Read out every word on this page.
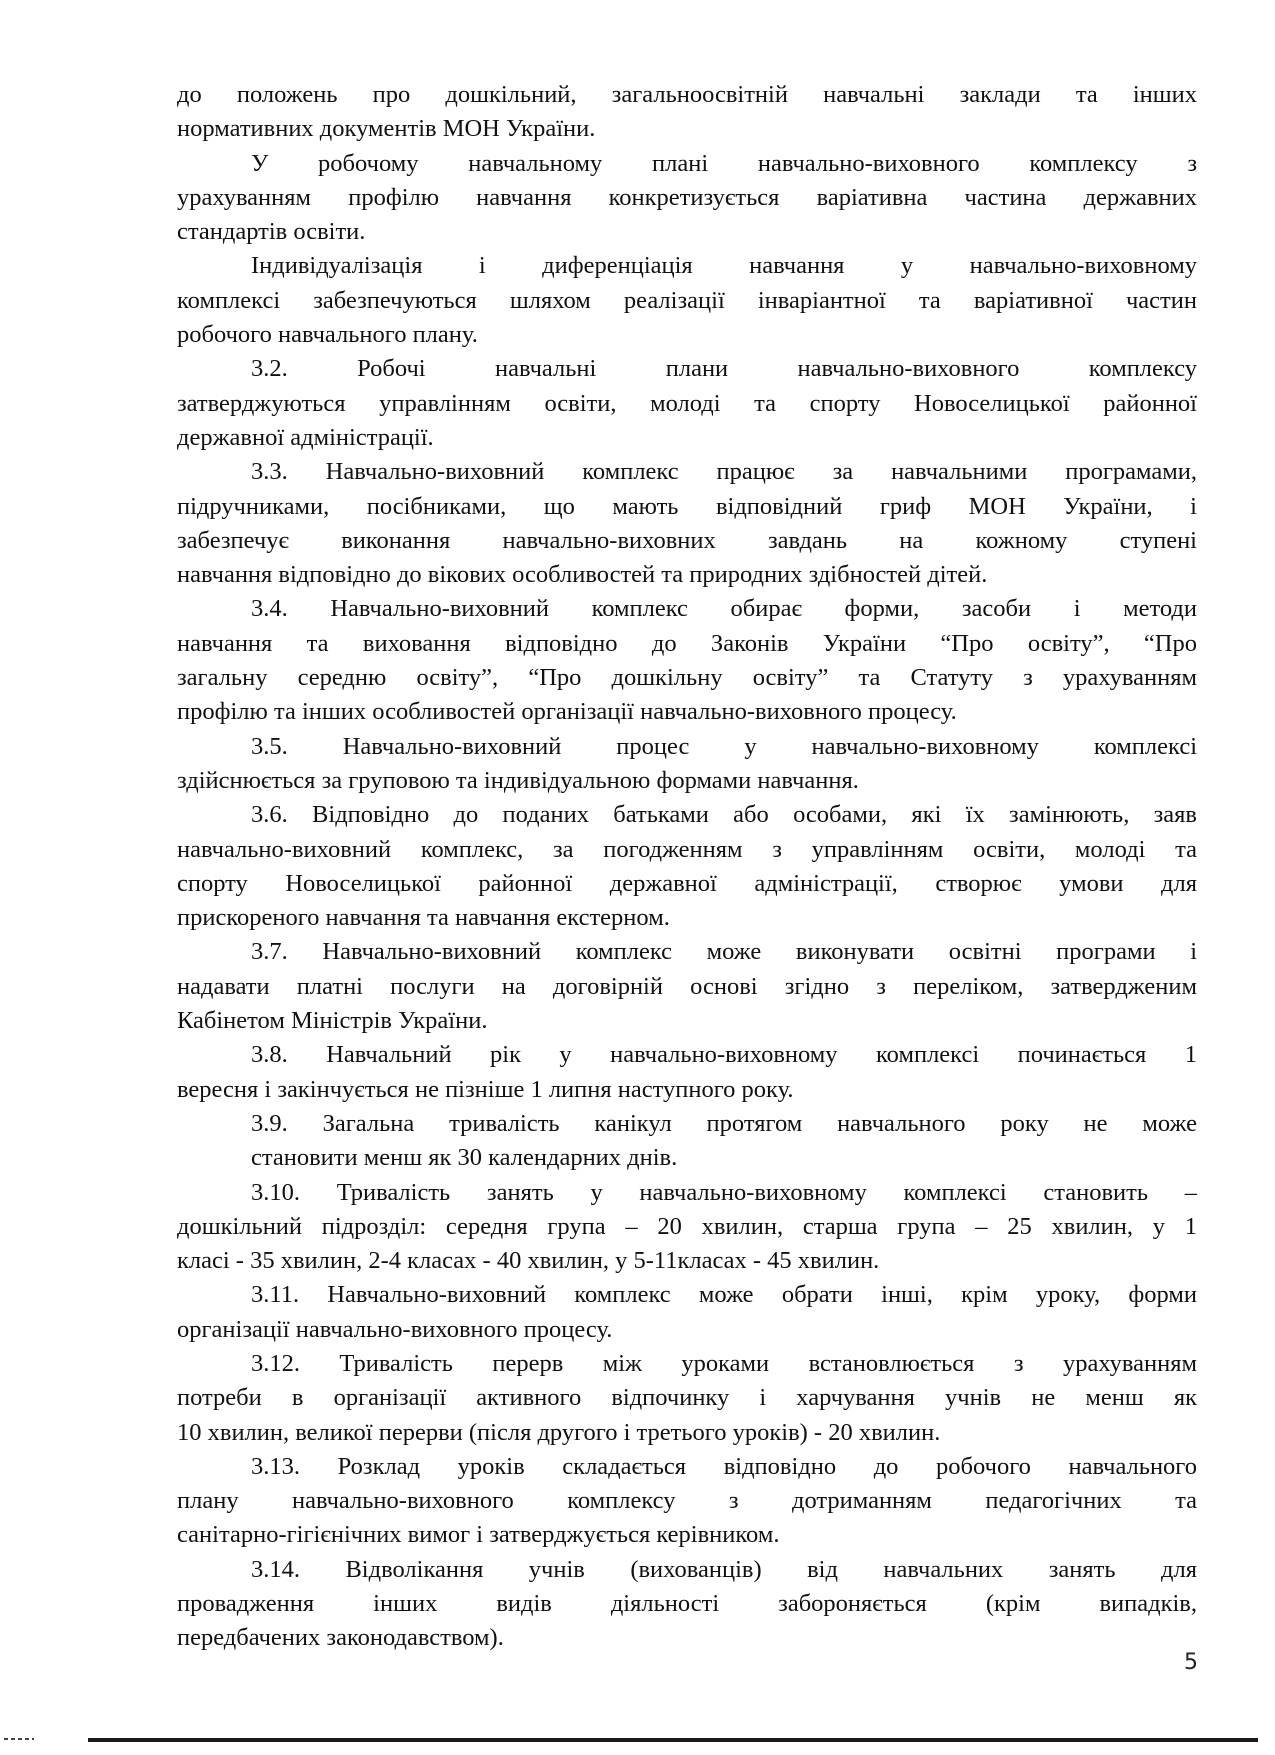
до положень про дошкільний, загальноосвітній навчальні заклади та інших
нормативних документів МОН України.
У робочому навчальному плані навчально-виховного комплексу з
урахуванням профілю навчання конкретизується варіативна частина державних
стандартів освіти.
Індивідуалізація і диференціація навчання у навчально-виховному
комплексі забезпечуються шляхом реалізації інваріантної та варіативної частин
робочого навчального плану.
3.2. Робочі навчальні плани навчально-виховного комплексу
затверджуються управлінням освіти, молоді та спорту Новоселицької районної
державної адміністрації.
3.3. Навчально-виховний комплекс працює за навчальними програмами,
підручниками, посібниками, що мають відповідний гриф МОН України, і
забезпечує виконання навчально-виховних завдань на кожному ступені
навчання відповідно до вікових особливостей та природних здібностей дітей.
3.4. Навчально-виховний комплекс обирає форми, засоби і методи
навчання та виховання відповідно до Законів України “Про освіту”, “Про
загальну середню освіту”, “Про дошкільну освіту” та Статуту з урахуванням
профілю та інших особливостей організації навчально-виховного процесу.
3.5. Навчально-виховний процес у навчально-виховному комплексі
здійснюється за груповою та індивідуальною формами навчання.
3.6. Відповідно до поданих батьками або особами, які їх замінюють, заяв
навчально-виховний комплекс, за погодженням з управлінням освіти, молоді та
спорту Новоселицької районної державної адміністрації, створює умови для
прискореного навчання та навчання екстерном.
3.7. Навчально-виховний комплекс може виконувати освітні програми і
надавати платні послуги на договірній основі згідно з переліком, затвердженим
Кабінетом Міністрів України.
3.8. Навчальний рік у навчально-виховному комплексі починається 1
вересня і закінчується не пізніше 1 липня наступного року.
3.9. Загальна тривалість канікул протягом навчального року не може
становити менш як 30 календарних днів.
3.10. Тривалість занять у навчально-виховному комплексі становить –
дошкільний підрозділ: середня група – 20 хвилин, старша група – 25 хвилин, у 1
класі - 35 хвилин, 2-4 класах - 40 хвилин, у 5-11класах - 45 хвилин.
3.11. Навчально-виховний комплекс може обрати інші, крім уроку, форми
організації навчально-виховного процесу.
3.12. Тривалість перерв між уроками встановлюється з урахуванням
потреби в організації активного відпочинку і харчування учнів не менш як
10 хвилин, великої перерви (після другого і третього уроків) - 20 хвилин.
3.13. Розклад уроків складається відповідно до робочого навчального
плану навчально-виховного комплексу з дотриманням педагогічних та
санітарно-гігієнічних вимог і затверджується керівником.
3.14. Відволікання учнів (вихованців) від навчальних занять для
провадження інших видів діяльності забороняється (крім випадків,
передбачених законодавством).
5
